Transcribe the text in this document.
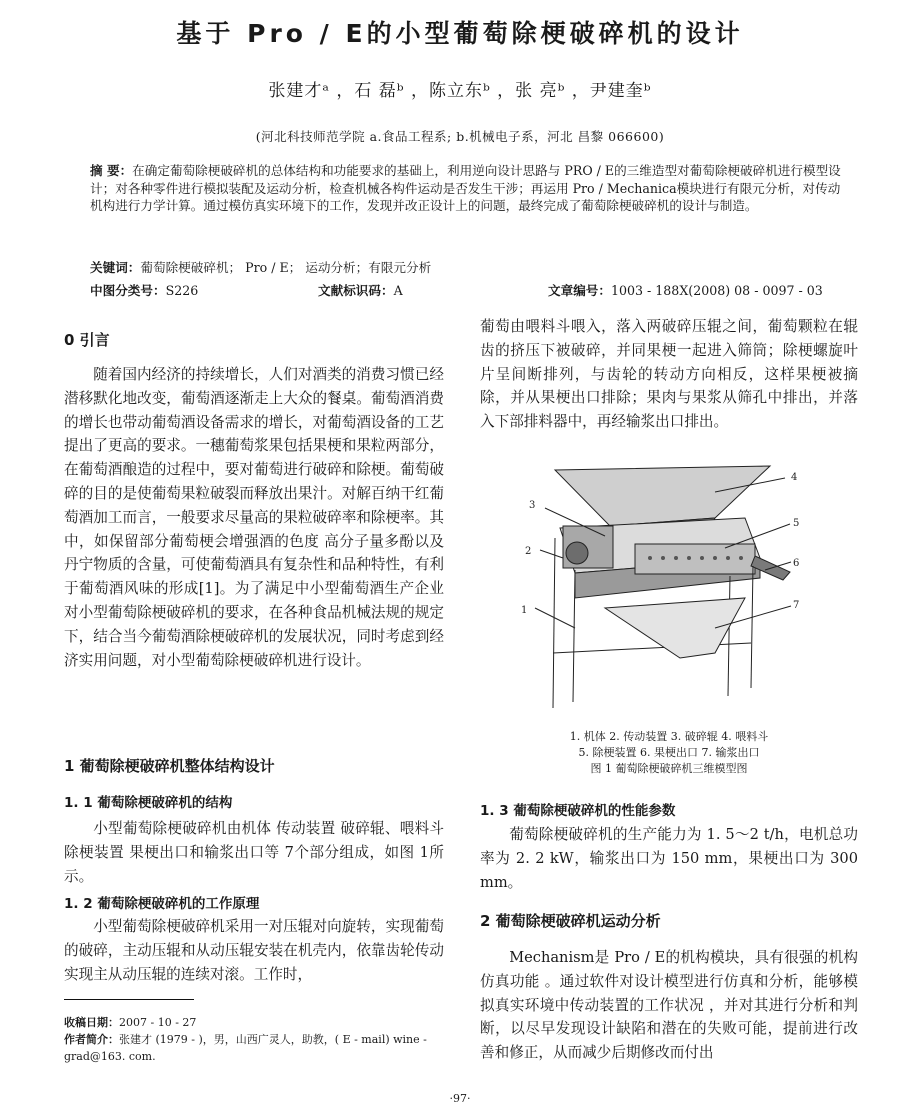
基于 Pro / E的小型葡萄除梗破碎机的设计
张建才ᵃ ，石 磊ᵇ ，陈立东ᵇ ，张 亮ᵇ ，尹建奎ᵇ
(河北科技师范学院 a.食品工程系; b.机械电子系，河北 昌黎 066600)
摘 要：在确定葡萄除梗破碎机的总体结构和功能要求的基础上，利用逆向设计思路与 PRO / E的三维造型对葡萄除梗破碎机进行模型设计；对各种零件进行模拟装配及运动分析，检查机械各构件运动是否发生干涉；再运用 Pro / Mechanica模块进行有限元分析，对传动机构进行力学计算。通过模仿真实环境下的工作，发现并改正设计上的问题，最终完成了葡萄除梗破碎机的设计与制造。
关键词：葡萄除梗破碎机； Pro / E； 运动分析；有限元分析
中图分类号：S226	文献标识码：A	文章编号：1003 - 188X(2008) 08 - 0097 - 03

0 引言
随着国内经济的持续增长，人们对酒类的消费习惯已经潜移默化地改变，葡萄酒逐渐走上大众的餐桌。葡萄酒消费的增长也带动葡萄酒设备需求的增长，对葡萄酒设备的工艺提出了更高的要求。一穗葡萄浆果包括果梗和果粒两部分，在葡萄酒酿造的过程中，要对葡萄进行破碎和除梗。葡萄破碎的目的是使葡萄果粒破裂而释放出果汁。对解百纳干红葡萄酒加工而言，一般要求尽量高的果粒破碎率和除梗率。其中，如保留部分葡萄梗会增强酒的色度 高分子量多酚以及丹宁物质的含量，可使葡萄酒具有复杂性和品种特性，有利于葡萄酒风味的形成[1]。为了满足中小型葡萄酒生产企业对小型葡萄除梗破碎机的要求，在各种食品机械法规的规定下，结合当今葡萄酒除梗破碎机的发展状况，同时考虑到经济实用问题，对小型葡萄除梗破碎机进行设计。
1 葡萄除梗破碎机整体结构设计
1. 1 葡萄除梗破碎机的结构
小型葡萄除梗破碎机由机体 传动装置 破碎辊、喂料斗 除梗装置 果梗出口和输浆出口等 7个部分组成，如图 1所示。
1. 2 葡萄除梗破碎机的工作原理
小型葡萄除梗破碎机采用一对压辊对向旋转，实现葡萄的破碎，主动压辊和从动压辊安装在机壳内，依靠齿轮传动实现主从动压辊的连续对滚。工作时，
收稿日期：2007 - 10 - 27
作者简介：张建才 (1979 - )，男，山西广灵人，助教，( E - mail) wine - grad@163. com.
葡萄由喂料斗喂入，落入两破碎压辊之间，葡萄颗粒在辊齿的挤压下被破碎，并同果梗一起进入筛筒；除梗螺旋叶片呈间断排列，与齿轮的转动方向相反，这样果梗被摘除，并从果梗出口排除；果肉与果浆从筛孔中排出，并落入下部排料器中，再经输浆出口排出。
1
2
3
4
5
6
7
1. 机体 2. 传动装置 3. 破碎辊 4. 喂料斗
5. 除梗装置 6. 果梗出口 7. 输浆出口
图 1 葡萄除梗破碎机三维模型图
1. 3 葡萄除梗破碎机的性能参数
葡萄除梗破碎机的生产能力为 1. 5～2 t/h，电机总功率为 2. 2 kW，输浆出口为 150 mm，果梗出口为 300 mm。
2 葡萄除梗破碎机运动分析
Mechanism是 Pro / E的机构模块，具有很强的机构仿真功能 。通过软件对设计模型进行仿真和分析，能够模拟真实环境中传动装置的工作状况 ，并对其进行分析和判断，以尽早发现设计缺陷和潜在的失败可能，提前进行改善和修正，从而减少后期修改而付出
·97·
